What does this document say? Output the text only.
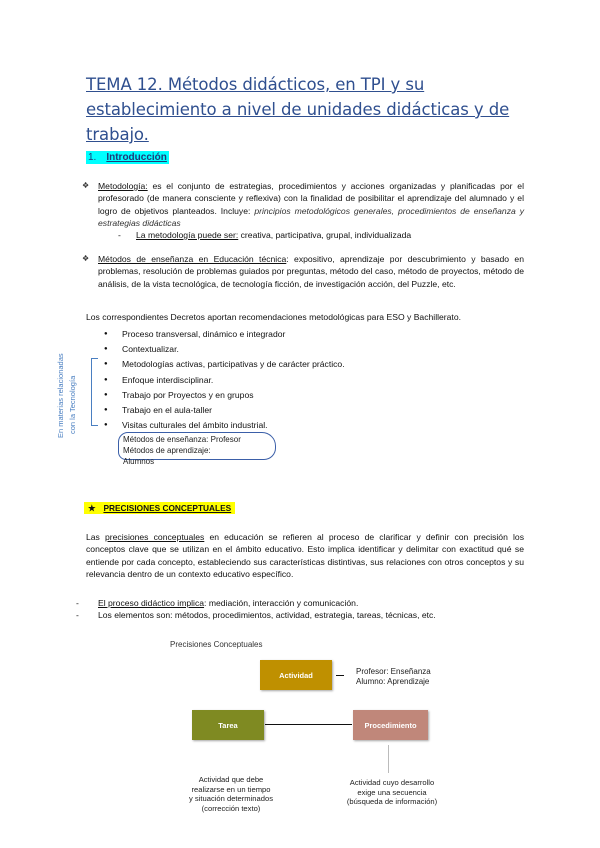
TEMA 12. Métodos didácticos, en TPI y su establecimiento a nivel de unidades didácticas y de trabajo.
1. Introducción
❖ Metodología: es el conjunto de estrategias, procedimientos y acciones organizadas y planificadas por el profesorado (de manera consciente y reflexiva) con la finalidad de posibilitar el aprendizaje del alumnado y el logro de objetivos planteados. Incluye: principios metodológicos generales, procedimientos de enseñanza y estrategias didácticas
- La metodología puede ser: creativa, participativa, grupal, individualizada
❖ Métodos de enseñanza en Educación técnica: expositivo, aprendizaje por descubrimiento y basado en problemas, resolución de problemas guiados por preguntas, método del caso, método de proyectos, método de análisis, de la vista tecnológica, de tecnología ficción, de investigación acción, del Puzzle, etc.
Los correspondientes Decretos aportan recomendaciones metodológicas para ESO y Bachillerato.
● Proceso transversal, dinámico e integrador
● Contextualizar.
● Metodologías activas, participativas y de carácter práctico.
● Enfoque interdisciplinar.
● Trabajo por Proyectos y en grupos
● Trabajo en el aula-taller
● Visitas culturales del ámbito industrial.
En materias relacionadas con la Tecnología
Métodos de enseñanza: Profesor
Métodos de aprendizaje:
Alumnos
★ PRECISIONES CONCEPTUALES
Las precisiones conceptuales en educación se refieren al proceso de clarificar y definir con precisión los conceptos clave que se utilizan en el ámbito educativo. Esto implica identificar y delimitar con exactitud qué se entiende por cada concepto, estableciendo sus características distintivas, sus relaciones con otros conceptos y su relevancia dentro de un contexto educativo específico.
- El proceso didáctico implica: mediación, interacción y comunicación.
- Los elementos son: métodos, procedimientos, actividad, estrategia, tareas, técnicas, etc.
Precisiones Conceptuales
Actividad	Profesor: Enseñanza
Alumno: Aprendizaje
Tarea	Procedimiento
Actividad que debe
realizarse en un tiempo
y situación determinados
(corrección texto)
Actividad cuyo desarrollo
exige una secuencia
(búsqueda de información)
